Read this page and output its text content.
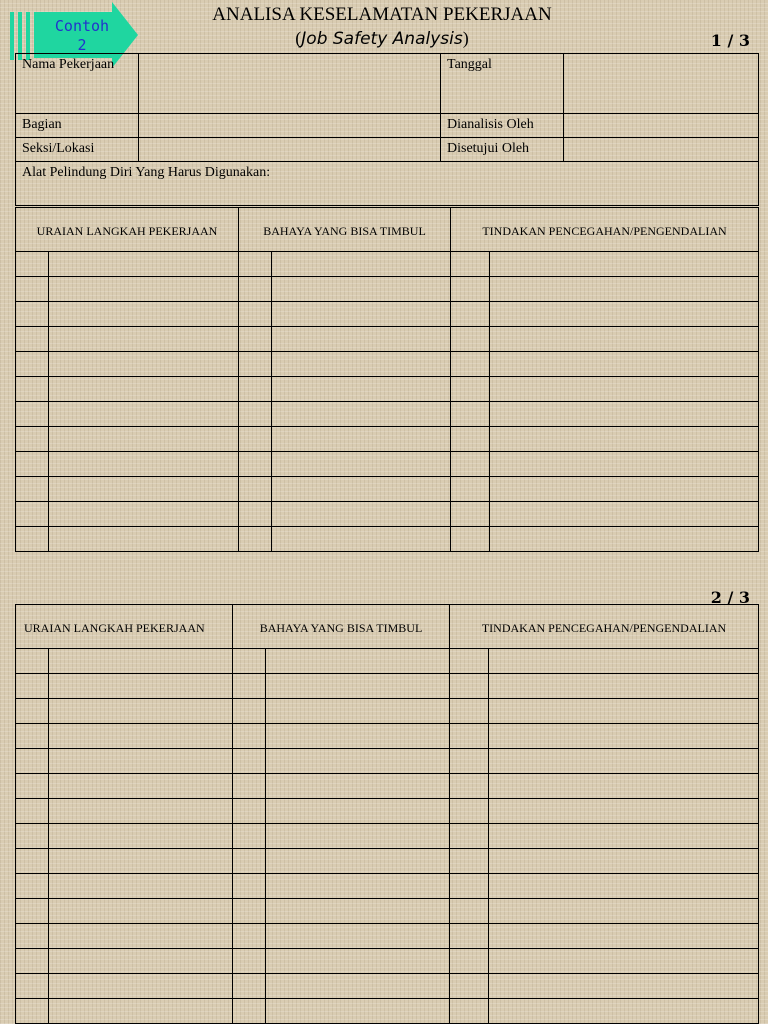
Contoh
2
ANALISA KESELAMATAN PEKERJAAN
(Job Safety Analysis)	1 / 3
Nama Pekerjaan		Tanggal	
Bagian		Dianalisis Oleh	
Seksi/Lokasi		Disetujui Oleh	
Alat Pelindung Diri Yang Harus Digunakan:			
URAIAN LANGKAH PEKERJAAN		BAHAYA YANG BISA TIMBUL		TINDAKAN PENCEGAHAN/PENGENDALIAN	

2 / 3
URAIAN LANGKAH PEKERJAAN		BAHAYA YANG BISA TIMBUL		TINDAKAN PENCEGAHAN/PENGENDALIAN	
